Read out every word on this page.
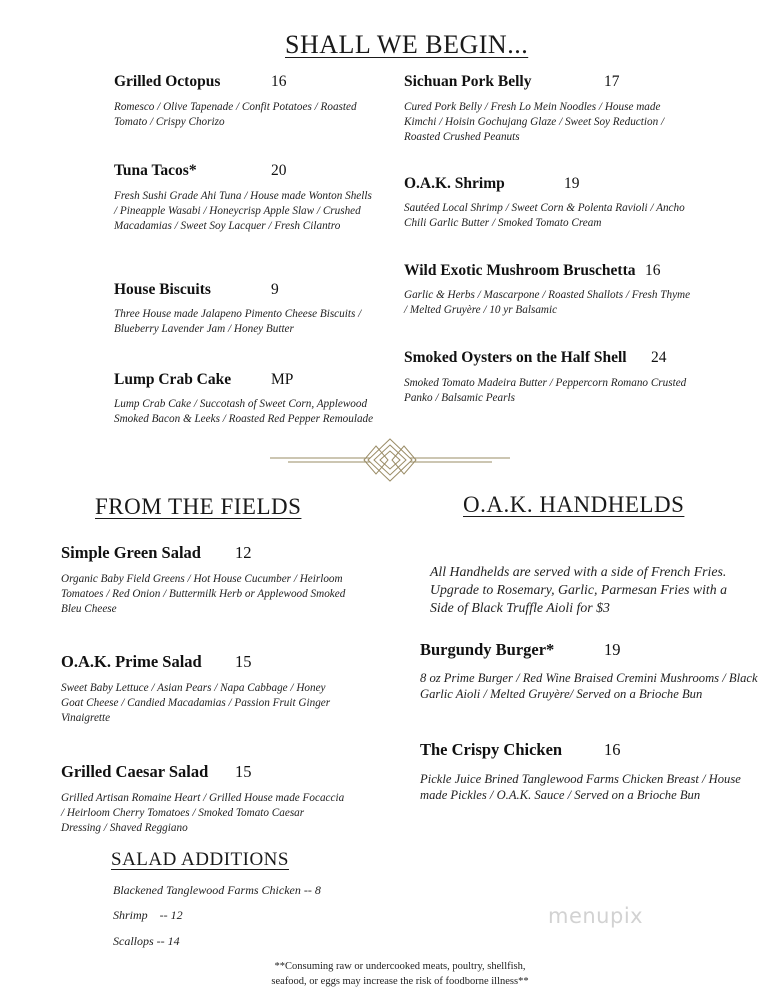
SHALL WE BEGIN...
Grilled Octopus	16
Romesco / Olive Tapenade / Confit Potatoes / Roasted Tomato / Crispy Chorizo
Tuna Tacos*	20
Fresh Sushi Grade Ahi Tuna / House made Wonton Shells / Pineapple Wasabi / Honeycrisp Apple Slaw / Crushed Macadamias / Sweet Soy Lacquer / Fresh Cilantro
House Biscuits	9
Three House made Jalapeno Pimento Cheese Biscuits / Blueberry Lavender Jam / Honey Butter
Lump Crab Cake	MP
Lump Crab Cake / Succotash of Sweet Corn, Applewood Smoked Bacon & Leeks / Roasted Red Pepper Remoulade
Sichuan Pork Belly	17
Cured Pork Belly / Fresh Lo Mein Noodles / House made Kimchi / Hoisin Gochujang Glaze / Sweet Soy Reduction / Roasted Crushed Peanuts
O.A.K. Shrimp	19
Sautéed Local Shrimp / Sweet Corn & Polenta Ravioli / Ancho Chili Garlic Butter / Smoked Tomato Cream
Wild Exotic Mushroom Bruschetta 16
Garlic & Herbs / Mascarpone / Roasted Shallots / Fresh Thyme / Melted Gruyère / 10 yr Balsamic
Smoked Oysters on the Half Shell 24
Smoked Tomato Madeira Butter / Peppercorn Romano Crusted Panko / Balsamic Pearls
FROM THE FIELDS
Simple Green Salad 12
Organic Baby Field Greens / Hot House Cucumber / Heirloom Tomatoes / Red Onion / Buttermilk Herb or Applewood Smoked Bleu Cheese
O.A.K. Prime Salad 15
Sweet Baby Lettuce / Asian Pears / Napa Cabbage / Honey Goat Cheese / Candied Macadamias / Passion Fruit Ginger Vinaigrette
Grilled Caesar Salad 15
Grilled Artisan Romaine Heart / Grilled House made Focaccia / Heirloom Cherry Tomatoes / Smoked Tomato Caesar Dressing / Shaved Reggiano
SALAD ADDITIONS
Blackened Tanglewood Farms Chicken -- 8
Shrimp    -- 12
Scallops -- 14
O.A.K. HANDHELDS
All Handhelds are served with a side of French Fries. Upgrade to Rosemary, Garlic, Parmesan Fries with a Side of Black Truffle Aioli for $3
Burgundy Burger*	19
8 oz Prime Burger / Red Wine Braised Cremini Mushrooms / Black Garlic Aioli / Melted Gruyère/ Served on a Brioche Bun
The Crispy Chicken	16
Pickle Juice Brined Tanglewood Farms Chicken Breast / House made Pickles / O.A.K. Sauce / Served on a Brioche Bun
menupix
**Consuming raw or undercooked meats, poultry, shellfish,
seafood, or eggs may increase the risk of foodborne illness**
